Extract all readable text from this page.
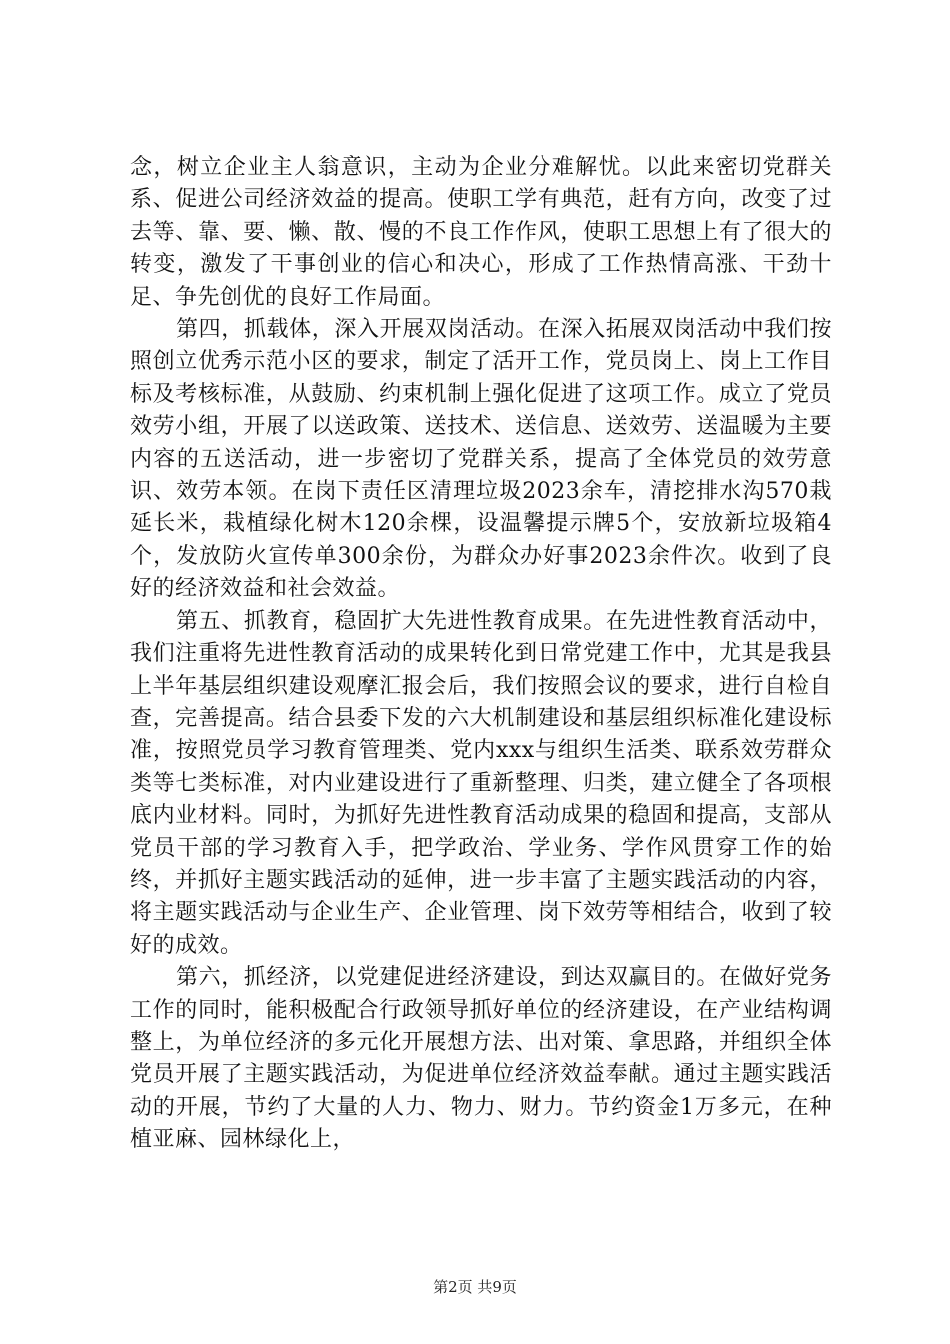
念，树立企业主人翁意识，主动为企业分难解忧。以此来密切党群关系、促进公司经济效益的提高。使职工学有典范，赶有方向，改变了过去等、靠、要、懒、散、慢的不良工作作风，使职工思想上有了很大的转变，激发了干事创业的信心和决心，形成了工作热情高涨、干劲十足、争先创优的良好工作局面。

第四，抓载体，深入开展双岗活动。在深入拓展双岗活动中我们按照创立优秀示范小区的要求，制定了活开工作，党员岗上、岗上工作目标及考核标准，从鼓励、约束机制上强化促进了这项工作。成立了党员效劳小组，开展了以送政策、送技术、送信息、送效劳、送温暖为主要内容的五送活动，进一步密切了党群关系，提高了全体党员的效劳意识、效劳本领。在岗下责任区清理垃圾2023余车，清挖排水沟570栽延长米，栽植绿化树木120余棵，设温馨提示牌5个，安放新垃圾箱4个，发放防火宣传单300余份，为群众办好事2023余件次。收到了良好的经济效益和社会效益。

第五、抓教育，稳固扩大先进性教育成果。在先进性教育活动中，我们注重将先进性教育活动的成果转化到日常党建工作中，尤其是我县上半年基层组织建设观摩汇报会后，我们按照会议的要求，进行自检自查，完善提高。结合县委下发的六大机制建设和基层组织标准化建设标准，按照党员学习教育管理类、党内xxx与组织生活类、联系效劳群众类等七类标准，对内业建设进行了重新整理、归类，建立健全了各项根底内业材料。同时，为抓好先进性教育活动成果的稳固和提高，支部从党员干部的学习教育入手，把学政治、学业务、学作风贯穿工作的始终，并抓好主题实践活动的延伸，进一步丰富了主题实践活动的内容，将主题实践活动与企业生产、企业管理、岗下效劳等相结合，收到了较好的成效。

第六，抓经济，以党建促进经济建设，到达双赢目的。在做好党务工作的同时，能积极配合行政领导抓好单位的经济建设，在产业结构调整上，为单位经济的多元化开展想方法、出对策、拿思路，并组织全体党员开展了主题实践活动，为促进单位经济效益奉献。通过主题实践活动的开展，节约了大量的人力、物力、财力。节约资金1万多元，在种植亚麻、园林绿化上，

第2页 共9页
